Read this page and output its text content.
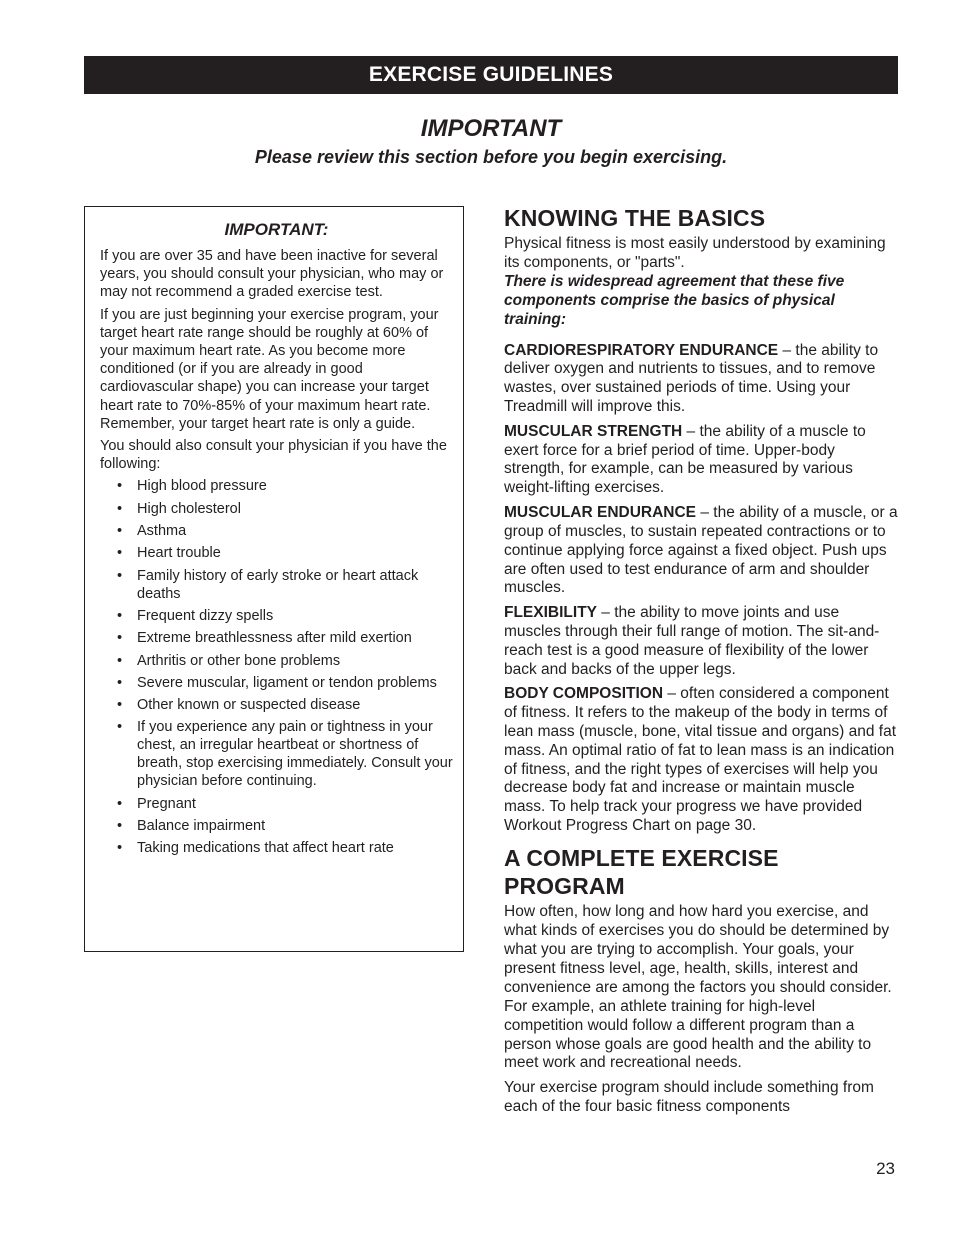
EXERCISE GUIDELINES
IMPORTANT

Please review this section before you begin exercising.

IMPORTANT:

If you are over 35 and have been inactive for several years, you should consult your physician, who may or may not recommend a graded exercise test.

If you are just beginning your exercise program, your target heart rate range should be roughly at 60% of your maximum heart rate. As you become more conditioned (or if you are already in good cardiovascular shape) you can increase your target heart rate to 70%-85% of your maximum heart rate. Remember, your target heart rate is only a guide.

You should also consult your physician if you have the following:

• High blood pressure
• High cholesterol
• Asthma
• Heart trouble
• Family history of early stroke or heart attack deaths
• Frequent dizzy spells
• Extreme breathlessness after mild exertion
• Arthritis or other bone problems
• Severe muscular, ligament or tendon problems
• Other known or suspected disease
• If you experience any pain or tightness in your chest, an irregular heartbeat or shortness of breath, stop exercising immediately. Consult your physician before continuing.
• Pregnant
• Balance impairment
• Taking medications that affect heart rate
KNOWING THE BASICS

Physical fitness is most easily understood by examining its components, or "parts".

There is widespread agreement that these five components comprise the basics of physical training:

CARDIORESPIRATORY ENDURANCE – the ability to deliver oxygen and nutrients to tissues, and to remove wastes, over sustained periods of time. Using your Treadmill will improve this.

MUSCULAR STRENGTH – the ability of a muscle to exert force for a brief period of time. Upper-body strength, for example, can be measured by various weight-lifting exercises.

MUSCULAR ENDURANCE – the ability of a muscle, or a group of muscles, to sustain repeated contractions or to continue applying force against a fixed object. Push ups are often used to test endurance of arm and shoulder muscles.

FLEXIBILITY – the ability to move joints and use muscles through their full range of motion. The sit-and-reach test is a good measure of flexibility of the lower back and backs of the upper legs.

BODY COMPOSITION – often considered a component of fitness. It refers to the makeup of the body in terms of lean mass (muscle, bone, vital tissue and organs) and fat mass. An optimal ratio of fat to lean mass is an indication of fitness, and the right types of exercises will help you decrease body fat and increase or maintain muscle mass. To help track your progress we have provided Workout Progress Chart on page 30.

A COMPLETE EXERCISE PROGRAM

How often, how long and how hard you exercise, and what kinds of exercises you do should be determined by what you are trying to accomplish. Your goals, your present fitness level, age, health, skills, interest and convenience are among the factors you should consider. For example, an athlete training for high-level competition would follow a different program than a person whose goals are good health and the ability to meet work and recreational needs.

Your exercise program should include something from each of the four basic fitness components

23
